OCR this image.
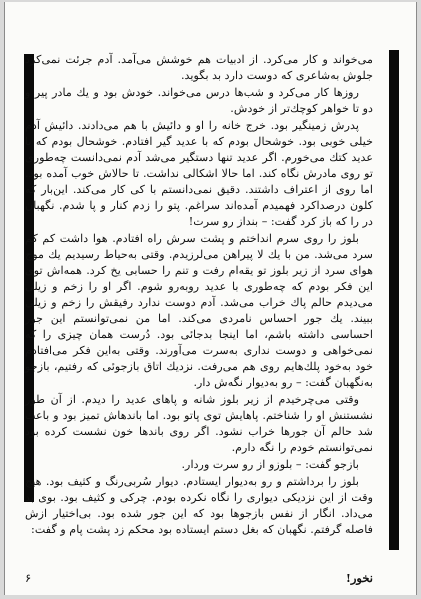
می‌خواند و کار می‌کرد. از ادبیات هم خوشش می‌آمد. آدم جرئت نمی‌کرد جلوش بەشاعری که دوست دارد بد بگوید.

روزها کار می‌کرد و شب‌ها درس می‌خواند. خودش بود و یك مادر پیر و دو تا خواهر کوچك‌تر از خودش.

پدرش زمینگیر بود. خرج خانه را او و دائیش با هم می‌دادند. دائیش آدم خیلی خوبی بود. خوشحال بودم که با عدید گیر افتادم. خوشحال بودم که با عدید کتك می‌خورم. اگر عدید تنها دستگیر می‌شد آدم نمی‌دانست چه‌طوری تو روی مادرش نگاه کند. اما حالا اشکالی نداشت. تا حالاش خوب آمده بود. اما روی از اعتراف داشتند. دقیق نمی‌دانستم با کی کار می‌کند. این‌بار که کلون درصداکرد فهمیدم آمده‌اند سراغم. پتو را زدم کنار و پا شدم. نگهبان در را که باز کرد گفت: – بنداز رو سرت!

بلوز را روی سرم انداختم و پشت سرش راه افتادم. هوا داشت کم کم سرد می‌شد. من با یك لا پیراهن می‌لرزیدم. وقتی به‌حیاط رسیدیم یك موج هوای سرد از زیر بلوز تو یقه‌ام رفت و تنم را حسابی یخ کرد. همه‌اش توی این فکر بودم که چه‌طوری با عدید روبه‌رو شوم. اگر او را زخم و زیلی می‌دیدم حالم پاك خراب می‌شد. آدم دوست ندارد رفیقش را زخم و زیلی ببیند. یك جور احساس نامردی می‌کند. اما من نمی‌توانستم این جور احساسی داشته باشم، اما اینجا بدجائی بود. دُرست همان چیزی را که نمی‌خواهی و دوست نداری به‌سرت می‌آورند. وقتی به‌این فکر می‌افتادم خود به‌خود پلك‌هایم روی هم می‌رفت. نزدیك اتاق بازجوئی که رفتیم، بازجو به‌نگهبان گفت: – رو به‌دیوار نگه‌ش دار.

وقتی می‌چرخیدم از زیر بلوز شانه و پاهای عدید را دیدم. از آن طور نشستنش او را شناختم. پاهایش توی پاتو بود. اما باندهاش تمیز بود و باعث شد حالم آن جورها خراب نشود. اگر روی باندها خون نشست کرده بود نمی‌توانستم خودم را نگه دارم.

بازجو گفت: – بلوزو از رو سرت وردار.

بلوز را برداشتم و رو به‌دیوار ایستادم. دیوار سُربی‌رنگ و کثیف بود. هیچ وقت از این نزدیکی دیواری را نگاه نکرده بودم. چرکی و کثیف بود. بوی بد می‌داد. انگار از نفس بازجوها بود که این جور شده بود. بی‌اختیار ازش فاصله گرفتم. نگهبان که بغل دستم ایستاده بود محکم زد پشت پام و گفت:

نخور!
۶
